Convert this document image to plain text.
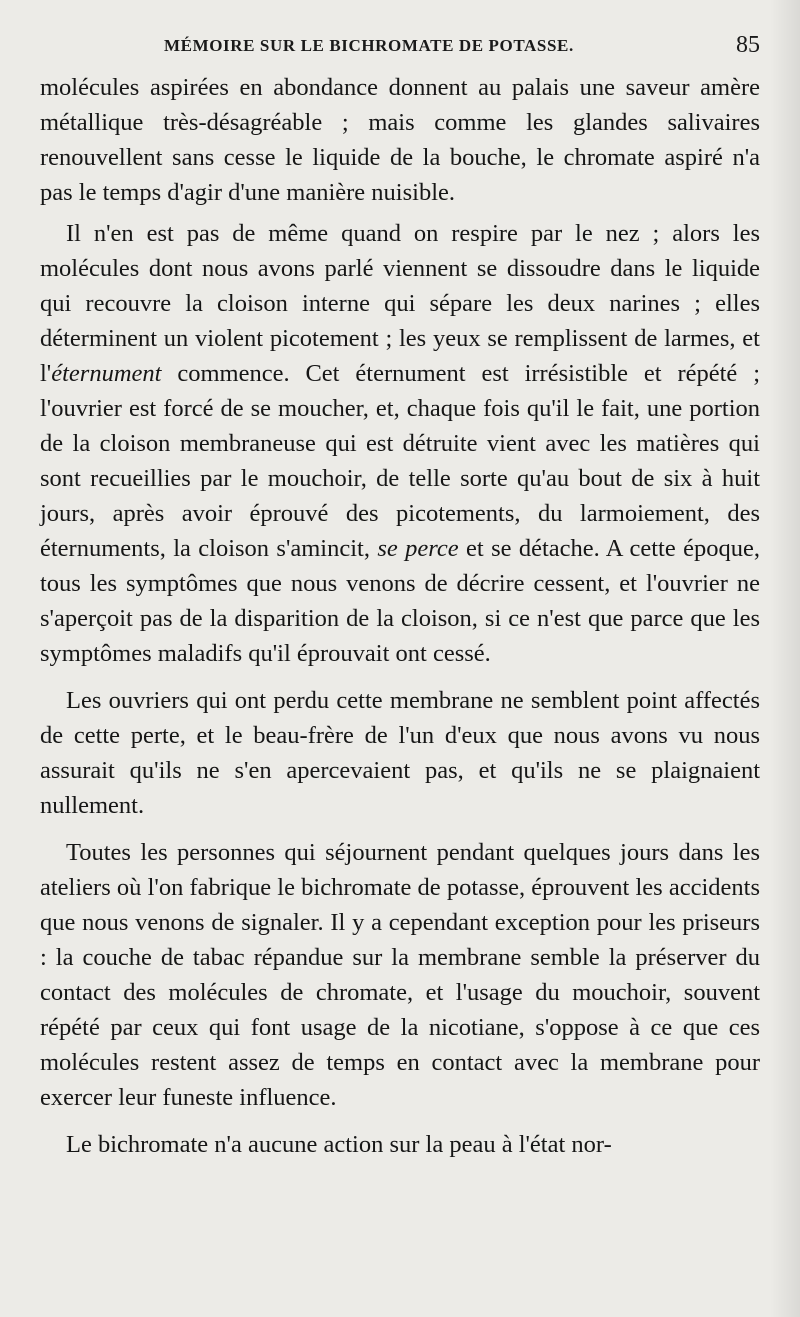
MÉMOIRE SUR LE BICHROMATE DE POTASSE.	85

molécules aspirées en abondance donnent au palais une saveur amère métallique très-désagréable ; mais comme les glandes salivaires renouvellent sans cesse le liquide de la bouche, le chromate aspiré n'a pas le temps d'agir d'une manière nuisible.

Il n'en est pas de même quand on respire par le nez ; alors les molécules dont nous avons parlé viennent se dissoudre dans le liquide qui recouvre la cloison interne qui sépare les deux narines ; elles déterminent un violent picotement ; les yeux se remplissent de larmes, et l'éternument commence. Cet éternument est irrésistible et répété ; l'ouvrier est forcé de se moucher, et, chaque fois qu'il le fait, une portion de la cloison membraneuse qui est détruite vient avec les matières qui sont recueillies par le mouchoir, de telle sorte qu'au bout de six à huit jours, après avoir éprouvé des picotements, du larmoiement, des éternuments, la cloison s'amincit, se perce et se détache. A cette époque, tous les symptômes que nous venons de décrire cessent, et l'ouvrier ne s'aperçoit pas de la disparition de la cloison, si ce n'est que parce que les symptômes maladifs qu'il éprouvait ont cessé.

Les ouvriers qui ont perdu cette membrane ne semblent point affectés de cette perte, et le beau-frère de l'un d'eux que nous avons vu nous assurait qu'ils ne s'en apercevaient pas, et qu'ils ne se plaignaient nullement.

Toutes les personnes qui séjournent pendant quelques jours dans les ateliers où l'on fabrique le bichromate de potasse, éprouvent les accidents que nous venons de signaler. Il y a cependant exception pour les priseurs : la couche de tabac répandue sur la membrane semble la préserver du contact des molécules de chromate, et l'usage du mouchoir, souvent répété par ceux qui font usage de la nicotiane, s'oppose à ce que ces molécules restent assez de temps en contact avec la membrane pour exercer leur funeste influence.

Le bichromate n'a aucune action sur la peau à l'état nor-
